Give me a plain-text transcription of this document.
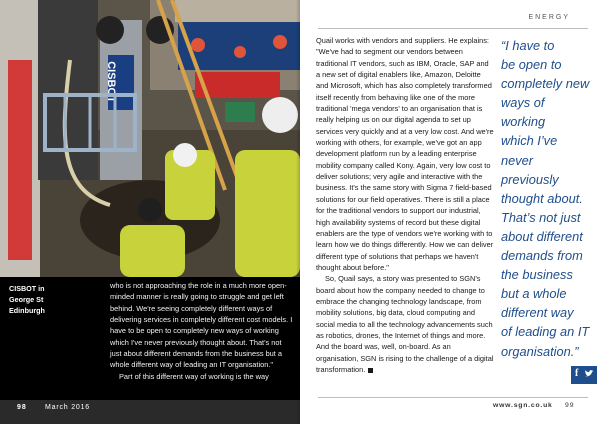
CISBOT
CISBOT in
George St
Edinburgh

who is not approaching the role in a much more open-minded manner is really going to struggle and get left behind. We're seeing completely different ways of delivering services in completely different cost models. I have to be open to completely new ways of working which I've never previously thought about. That's not just about different demands from the business but a whole different way of leading an IT organisation."

Part of this different way of working is the way

98	March 2016
ENERGY

Quail works with vendors and suppliers. He explains: "We've had to segment our vendors between traditional IT vendors, such as IBM, Oracle, SAP and a new set of digital enablers like, Amazon, Deloitte and Microsoft, which has also completely transformed itself recently from behaving like one of the more traditional 'mega vendors' to an organisation that is really helping us on our digital agenda to set up services very quickly and at a very low cost. And we're working with others, for example, we've got an app development platform run by a leading enterprise mobility company called Kony. Again, very low cost to deliver solutions; very agile and interactive with the business. It's the same story with Sigma 7 field-based solutions for our field operatives. There is still a place for the traditional vendors to support our industrial, high availability systems of record but these digital enablers are the type of vendors we're working with to learn how we do things differently. How we can deliver different type of solutions that perhaps we haven't thought about before."

So, Quail says, a story was presented to SGN's board about how the company needed to change to embrace the changing technology landscape, from mobility solutions, big data, cloud computing and social media to all the technology advancements such as robotics, drones, the Internet of things and more. And the board was, well, on-board. As an organisation, SGN is rising to the challenge of a digital transformation.

“I have to
be open to
completely new
ways of working
which I’ve
never previously
thought about.
That’s not just
about different
demands from
the business
but a whole
different way
of leading an IT
organisation.”
f
www.sgn.co.uk 99
